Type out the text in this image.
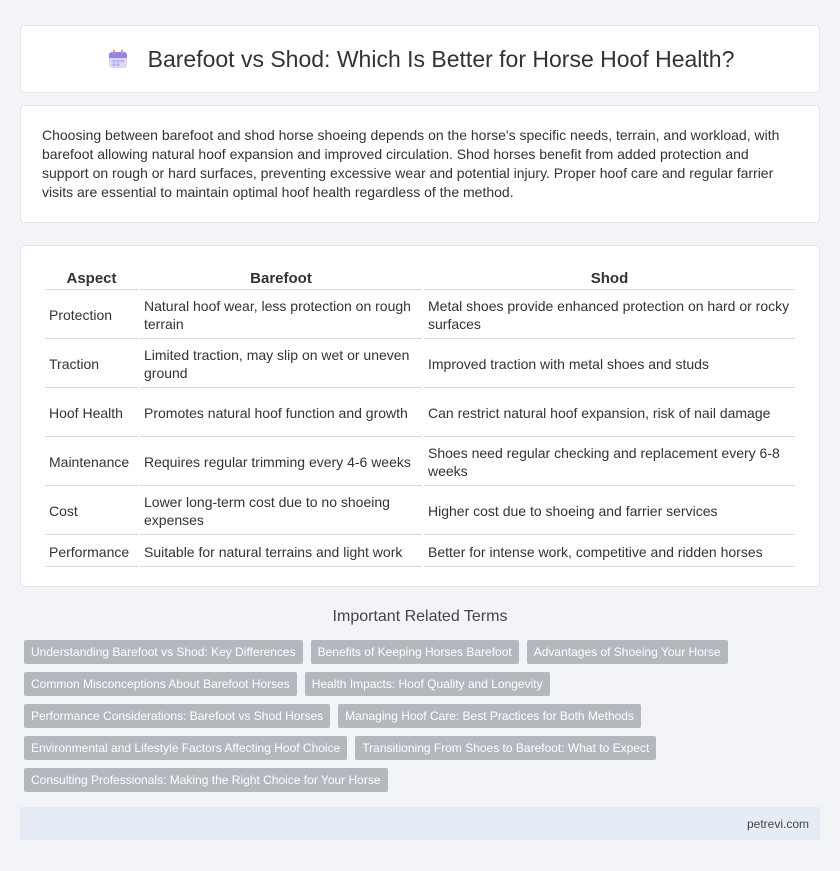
Barefoot vs Shod: Which Is Better for Horse Hoof Health?

Choosing between barefoot and shod horse shoeing depends on the horse's specific needs, terrain, and workload, with barefoot allowing natural hoof expansion and improved circulation. Shod horses benefit from added protection and support on rough or hard surfaces, preventing excessive wear and potential injury. Proper hoof care and regular farrier visits are essential to maintain optimal hoof health regardless of the method.

Aspect	Barefoot	Shod
Protection	Natural hoof wear, less protection on rough terrain	Metal shoes provide enhanced protection on hard or rocky surfaces
Traction	Limited traction, may slip on wet or uneven ground	Improved traction with metal shoes and studs
Hoof Health	Promotes natural hoof function and growth	Can restrict natural hoof expansion, risk of nail damage
Maintenance	Requires regular trimming every 4-6 weeks	Shoes need regular checking and replacement every 6-8 weeks
Cost	Lower long-term cost due to no shoeing expenses	Higher cost due to shoeing and farrier services
Performance	Suitable for natural terrains and light work	Better for intense work, competitive and ridden horses
Important Related Terms
Understanding Barefoot vs Shod: Key Differences	Benefits of Keeping Horses Barefoot	Advantages of Shoeing Your Horse
Common Misconceptions About Barefoot Horses	Health Impacts: Hoof Quality and Longevity
Performance Considerations: Barefoot vs Shod Horses	Managing Hoof Care: Best Practices for Both Methods
Environmental and Lifestyle Factors Affecting Hoof Choice	Transitioning From Shoes to Barefoot: What to Expect
Consulting Professionals: Making the Right Choice for Your Horse
petrevi.com
